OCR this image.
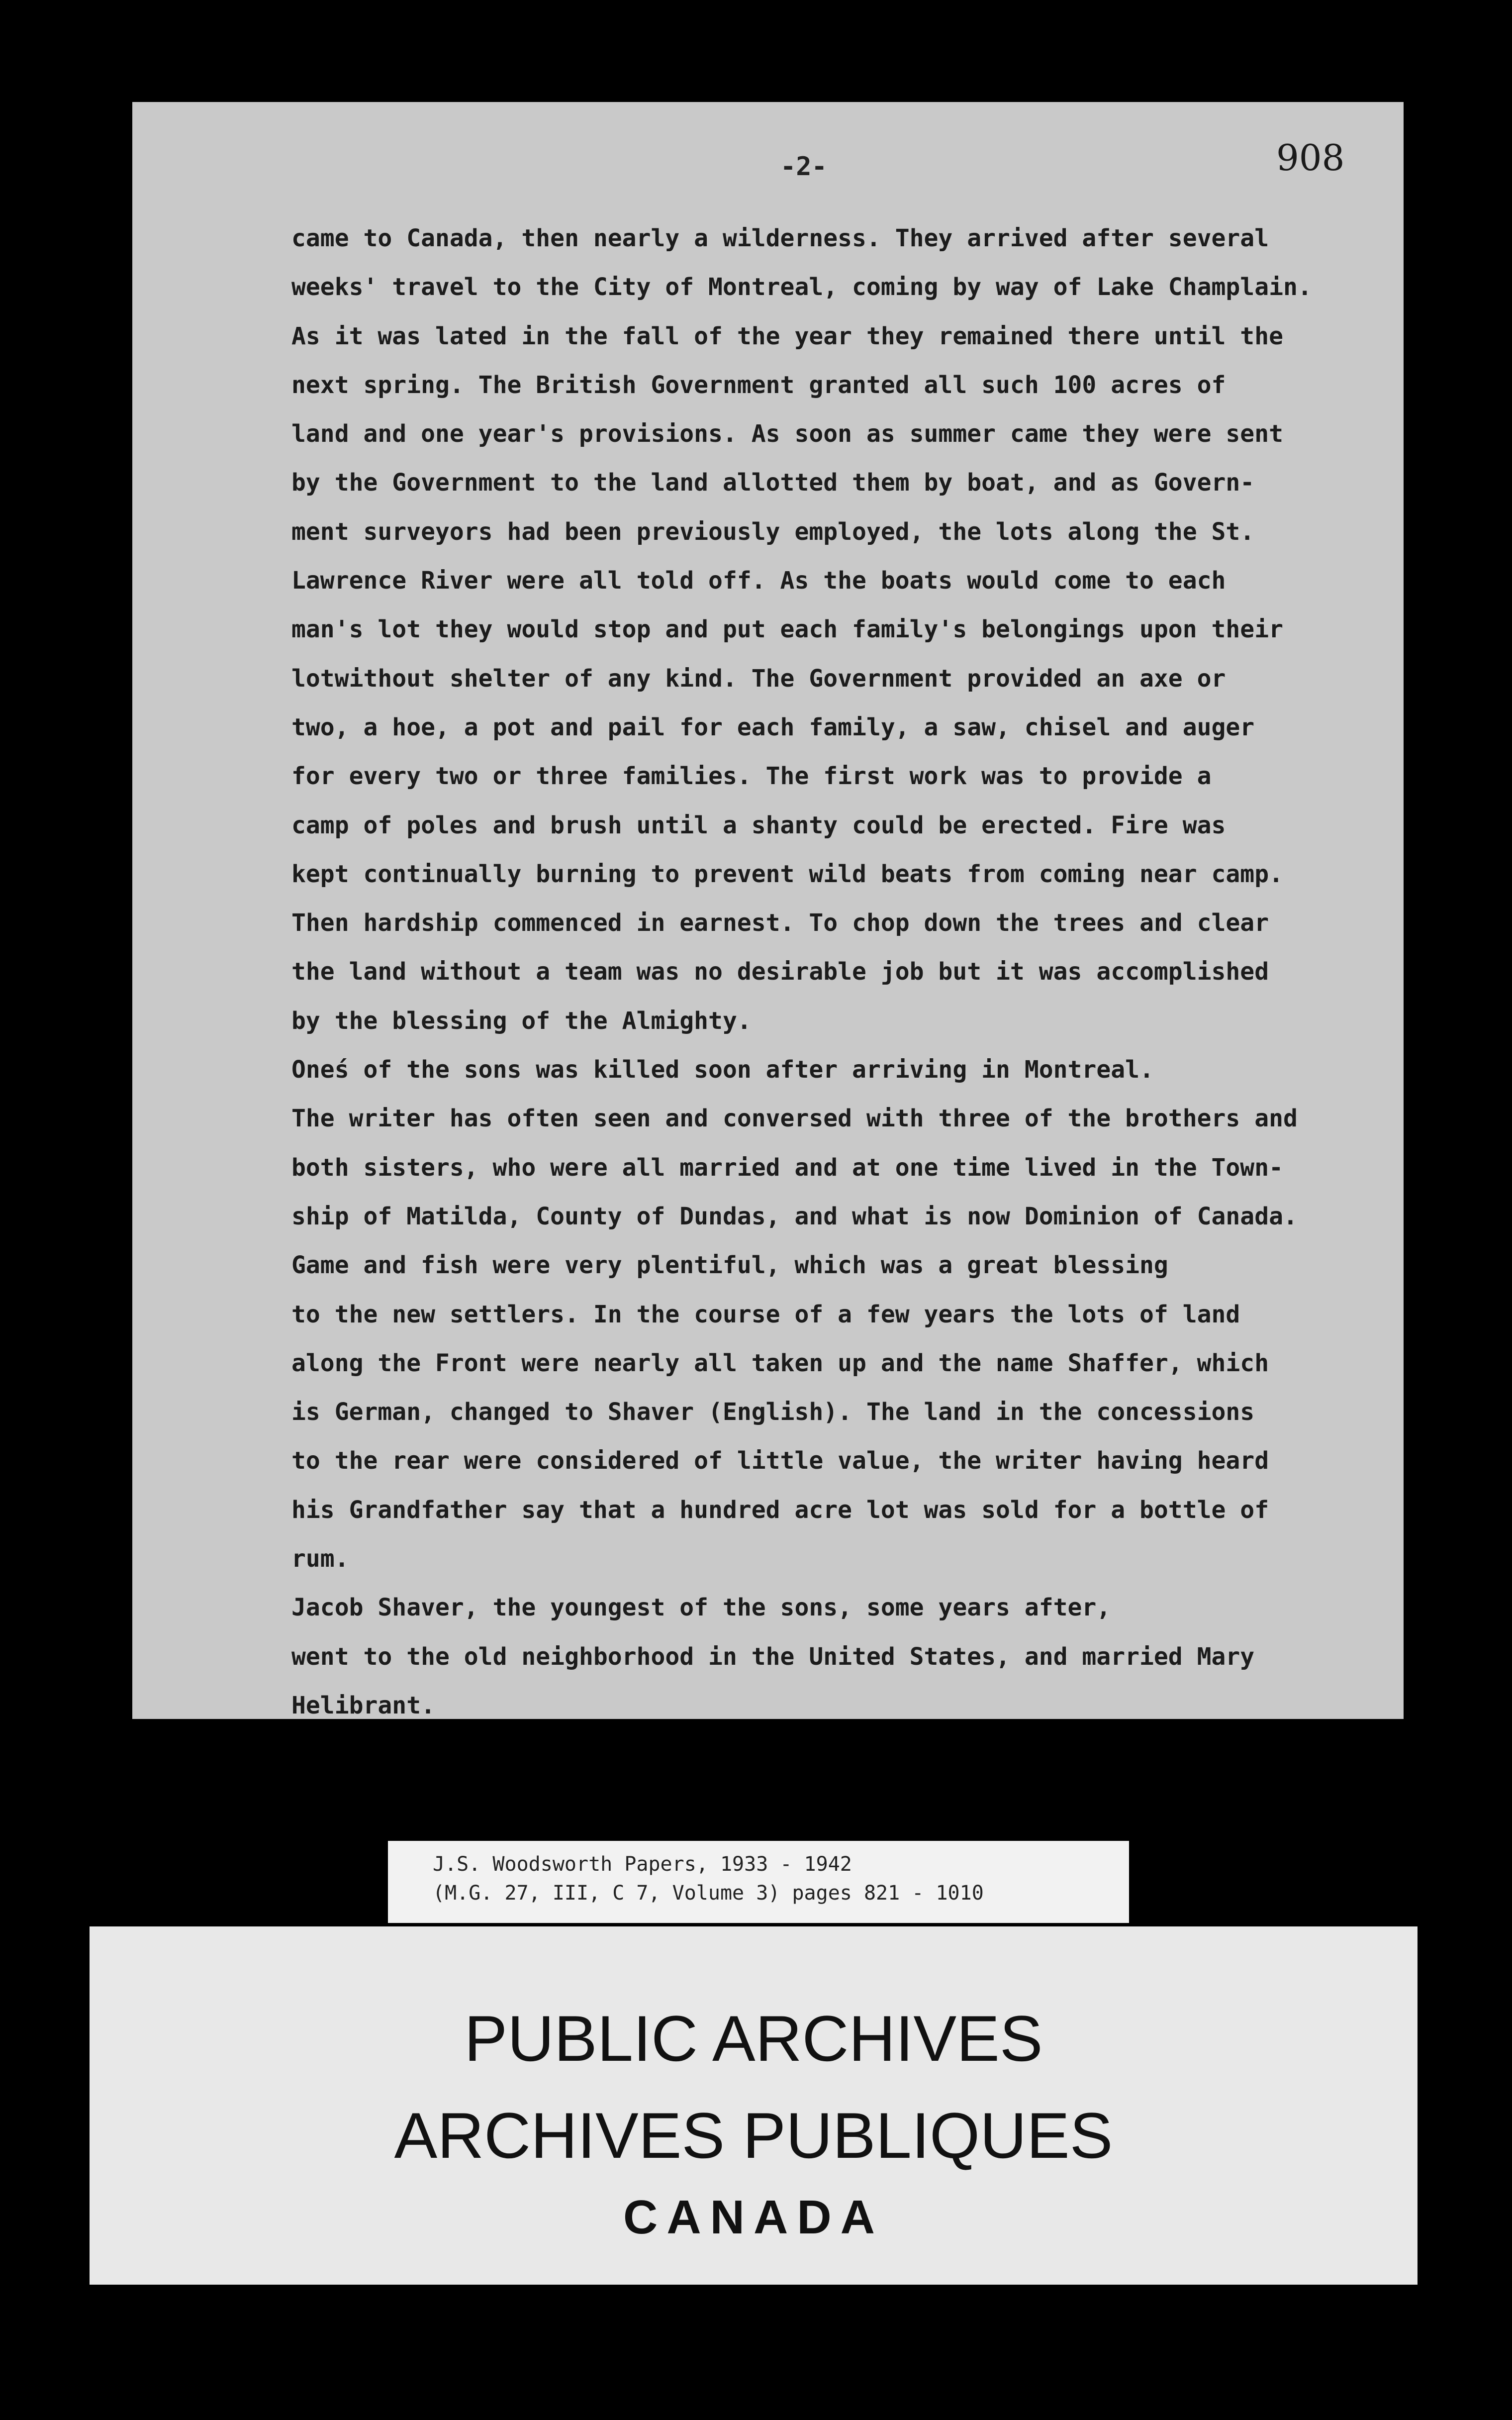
-2-	908

came to Canada, then nearly a wilderness. They arrived after several
weeks' travel to the City of Montreal, coming by way of Lake Champlain.
As it was lated in the fall of the year they remained there until the
next spring. The British Government granted all such 100 acres of
land and one year's provisions. As soon as summer came they were sent
by the Government to the land allotted them by boat, and as Govern-
ment surveyors had been previously employed, the lots along the St.
Lawrence River were all told off. As the boats would come to each
man's lot they would stop and put each family's belongings upon their
lotwithout shelter of any kind. The Government provided an axe or
two, a hoe, a pot and pail for each family, a saw, chisel and auger
for every two or three families. The first work was to provide a
camp of poles and brush until a shanty could be erected. Fire was
kept continually burning to prevent wild beats from coming near camp.
Then hardship commenced in earnest. To chop down the trees and clear
the land without a team was no desirable job but it was accomplished
by the blessing of the Almighty.
Oneś of the sons was killed soon after arriving in Montreal.
The writer has often seen and conversed with three of the brothers and
both sisters, who were all married and at one time lived in the Town-
ship of Matilda, County of Dundas, and what is now Dominion of Canada.
Game and fish were very plentiful, which was a great blessing
to the new settlers. In the course of a few years the lots of land
along the Front were nearly all taken up and the name Shaffer, which
is German, changed to Shaver (English). The land in the concessions
to the rear were considered of little value, the writer having heard
his Grandfather say that a hundred acre lot was sold for a bottle of
rum.
Jacob Shaver, the youngest of the sons, some years after,
went to the old neighborhood in the United States, and married Mary
Helibrant.
J.S. Woodsworth Papers, 1933 - 1942
(M.G. 27, III, C 7, Volume 3) pages 821 - 1010

PUBLIC ARCHIVES

ARCHIVES PUBLIQUES

CANADA
